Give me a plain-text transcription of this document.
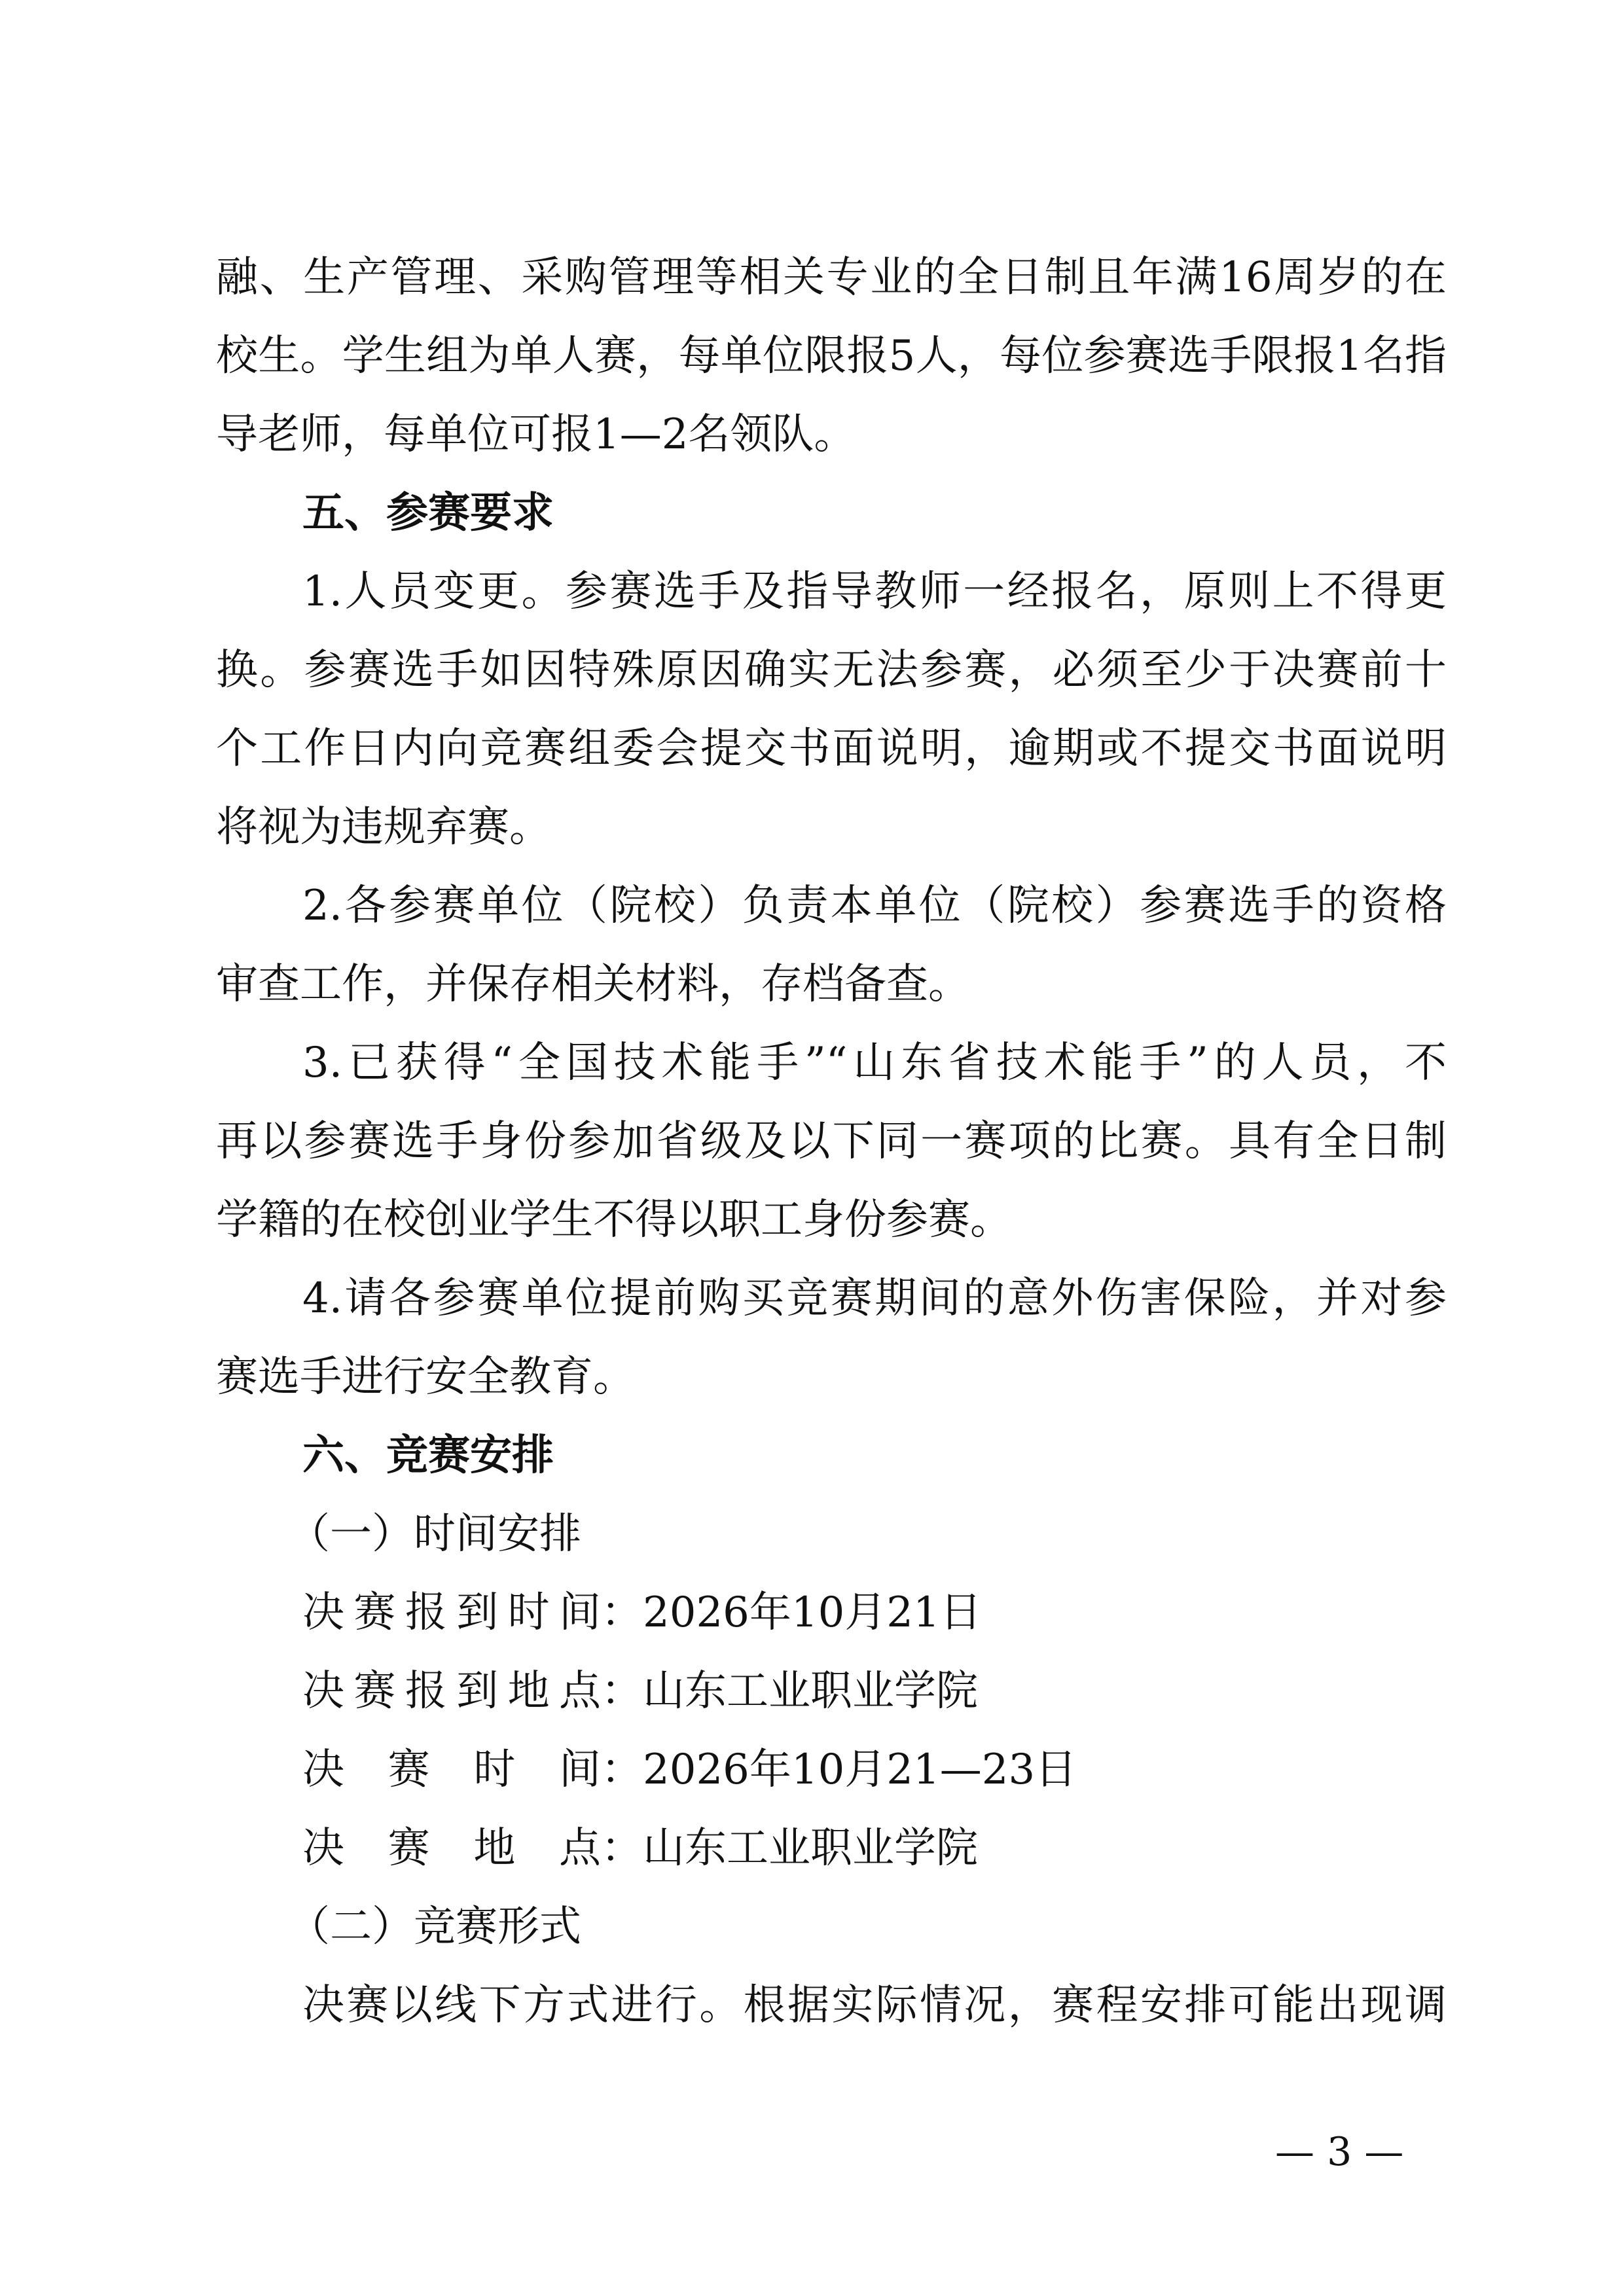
融、生产管理、采购管理等相关专业的全日制且年满16周岁的在
校生。学生组为单人赛，每单位限报5人，每位参赛选手限报1名指
导老师，每单位可报1—2名领队。
五、参赛要求
1.人员变更。参赛选手及指导教师一经报名，原则上不得更
换。参赛选手如因特殊原因确实无法参赛，必须至少于决赛前十
个工作日内向竞赛组委会提交书面说明，逾期或不提交书面说明
将视为违规弃赛。
2.各参赛单位（院校）负责本单位（院校）参赛选手的资格
审查工作，并保存相关材料，存档备查。
3.已获得“全国技术能手”“山东省技术能手”的人员，不
再以参赛选手身份参加省级及以下同一赛项的比赛。具有全日制
学籍的在校创业学生不得以职工身份参赛。
4.请各参赛单位提前购买竞赛期间的意外伤害保险，并对参
赛选手进行安全教育。
六、竞赛安排
（一）时间安排
决赛报到时间 ： 2026年10月21日
决赛报到地点 ： 山东工业职业学院
决赛时间 ： 2026年10月21—23日
决赛地点 ： 山东工业职业学院
（二）竞赛形式
决赛以线下方式进行。根据实际情况，赛程安排可能出现调
— 3 —
